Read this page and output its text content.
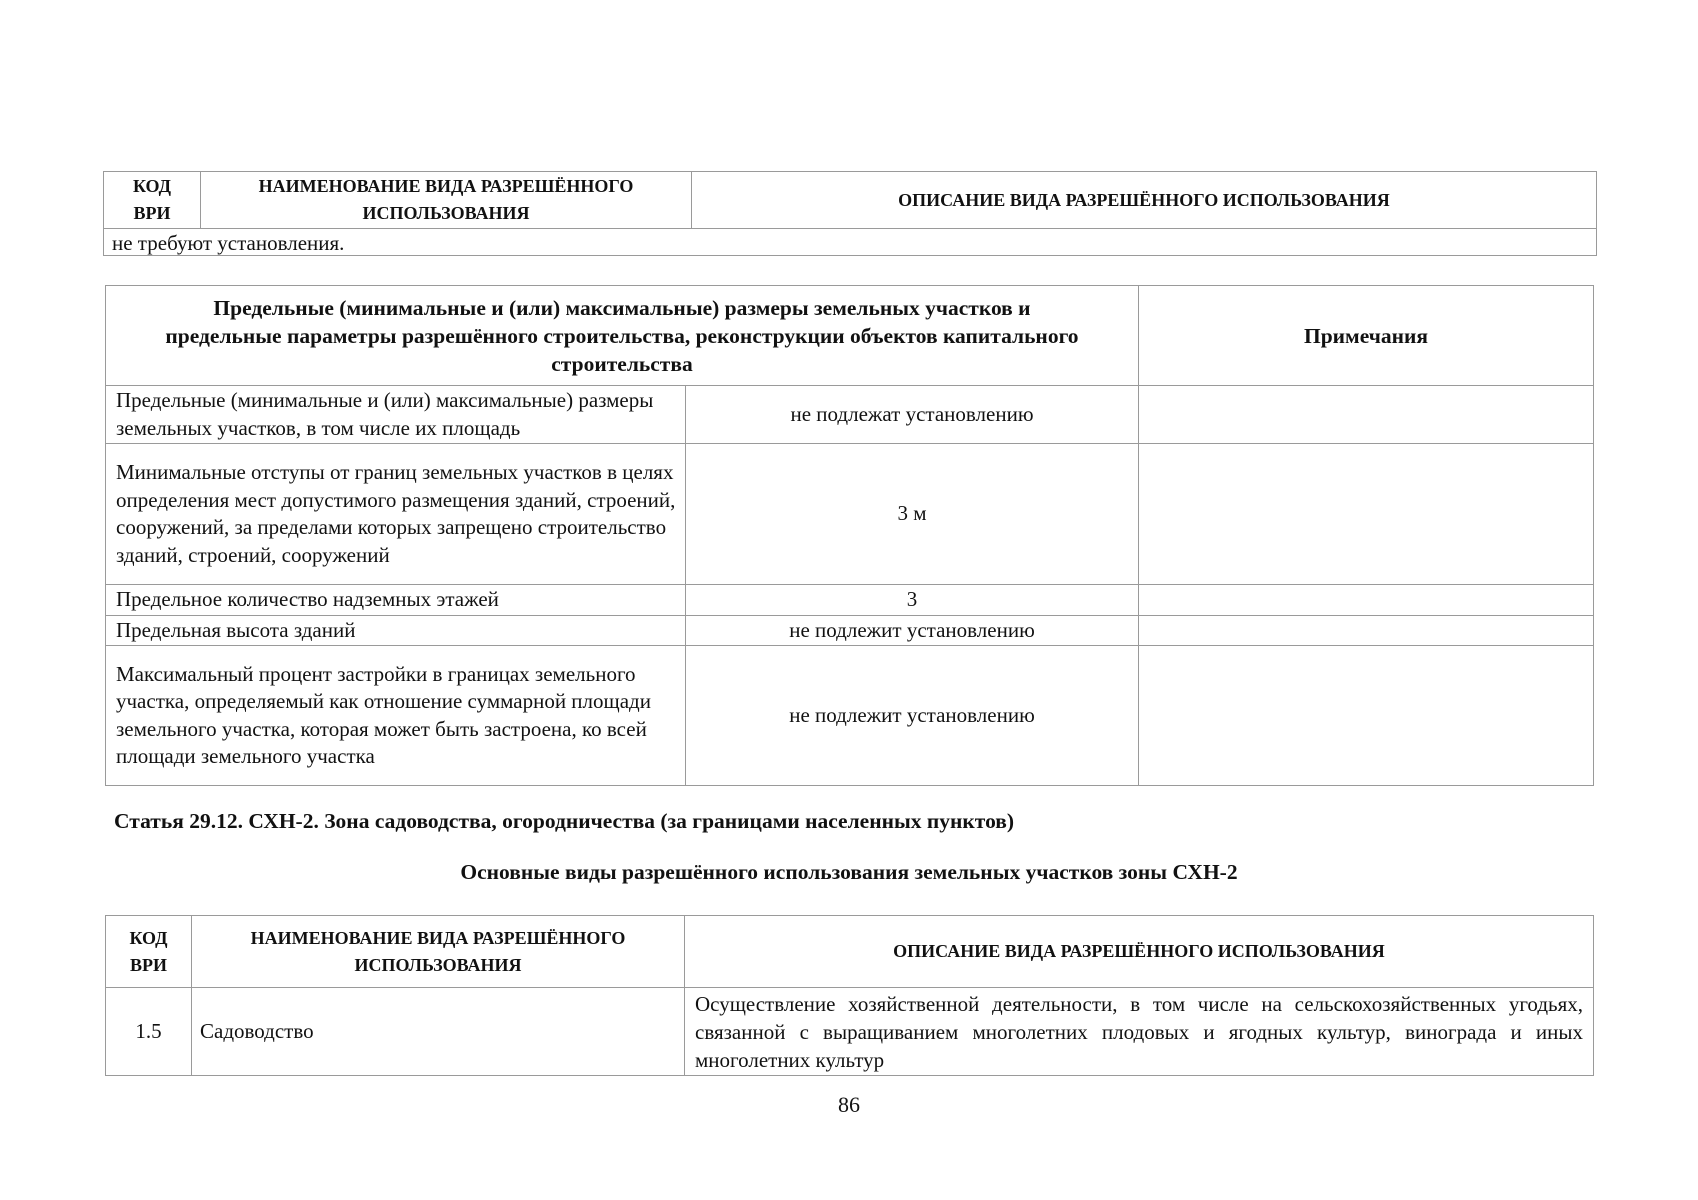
КОД ВРИ	НАИМЕНОВАНИЕ ВИДА РАЗРЕШЁННОГО ИСПОЛЬЗОВАНИЯ	ОПИСАНИЕ ВИДА РАЗРЕШЁННОГО ИСПОЛЬЗОВАНИЯ
не требуют установления.
Предельные (минимальные и (или) максимальные) размеры земельных участков и предельные параметры разрешённого строительства, реконструкции объектов капитального строительства		Примечания
Предельные (минимальные и (или) максимальные) размеры земельных участков, в том числе их площадь	не подлежат установлению	
Минимальные отступы от границ земельных участков в целях определения мест допустимого размещения зданий, строений, сооружений, за пределами которых запрещено строительство зданий, строений, сооружений	3 м	
Предельное количество надземных этажей	3	
Предельная высота зданий	не подлежит установлению	
Максимальный процент застройки в границах земельного участка, определяемый как отношение суммарной площади земельного участка, которая может быть застроена, ко всей площади земельного участка	не подлежит установлению	
Статья 29.12. СХН-2. Зона садоводства, огородничества (за границами населенных пунктов)
Основные виды разрешённого использования земельных участков зоны СХН-2
КОД ВРИ	НАИМЕНОВАНИЕ ВИДА РАЗРЕШЁННОГО ИСПОЛЬЗОВАНИЯ	ОПИСАНИЕ ВИДА РАЗРЕШЁННОГО ИСПОЛЬЗОВАНИЯ
1.5	Садоводство	Осуществление хозяйственной деятельности, в том числе на сельскохозяйственных угодьях, связанной с выращиванием многолетних плодовых и ягодных культур, винограда и иных многолетних культур
86
